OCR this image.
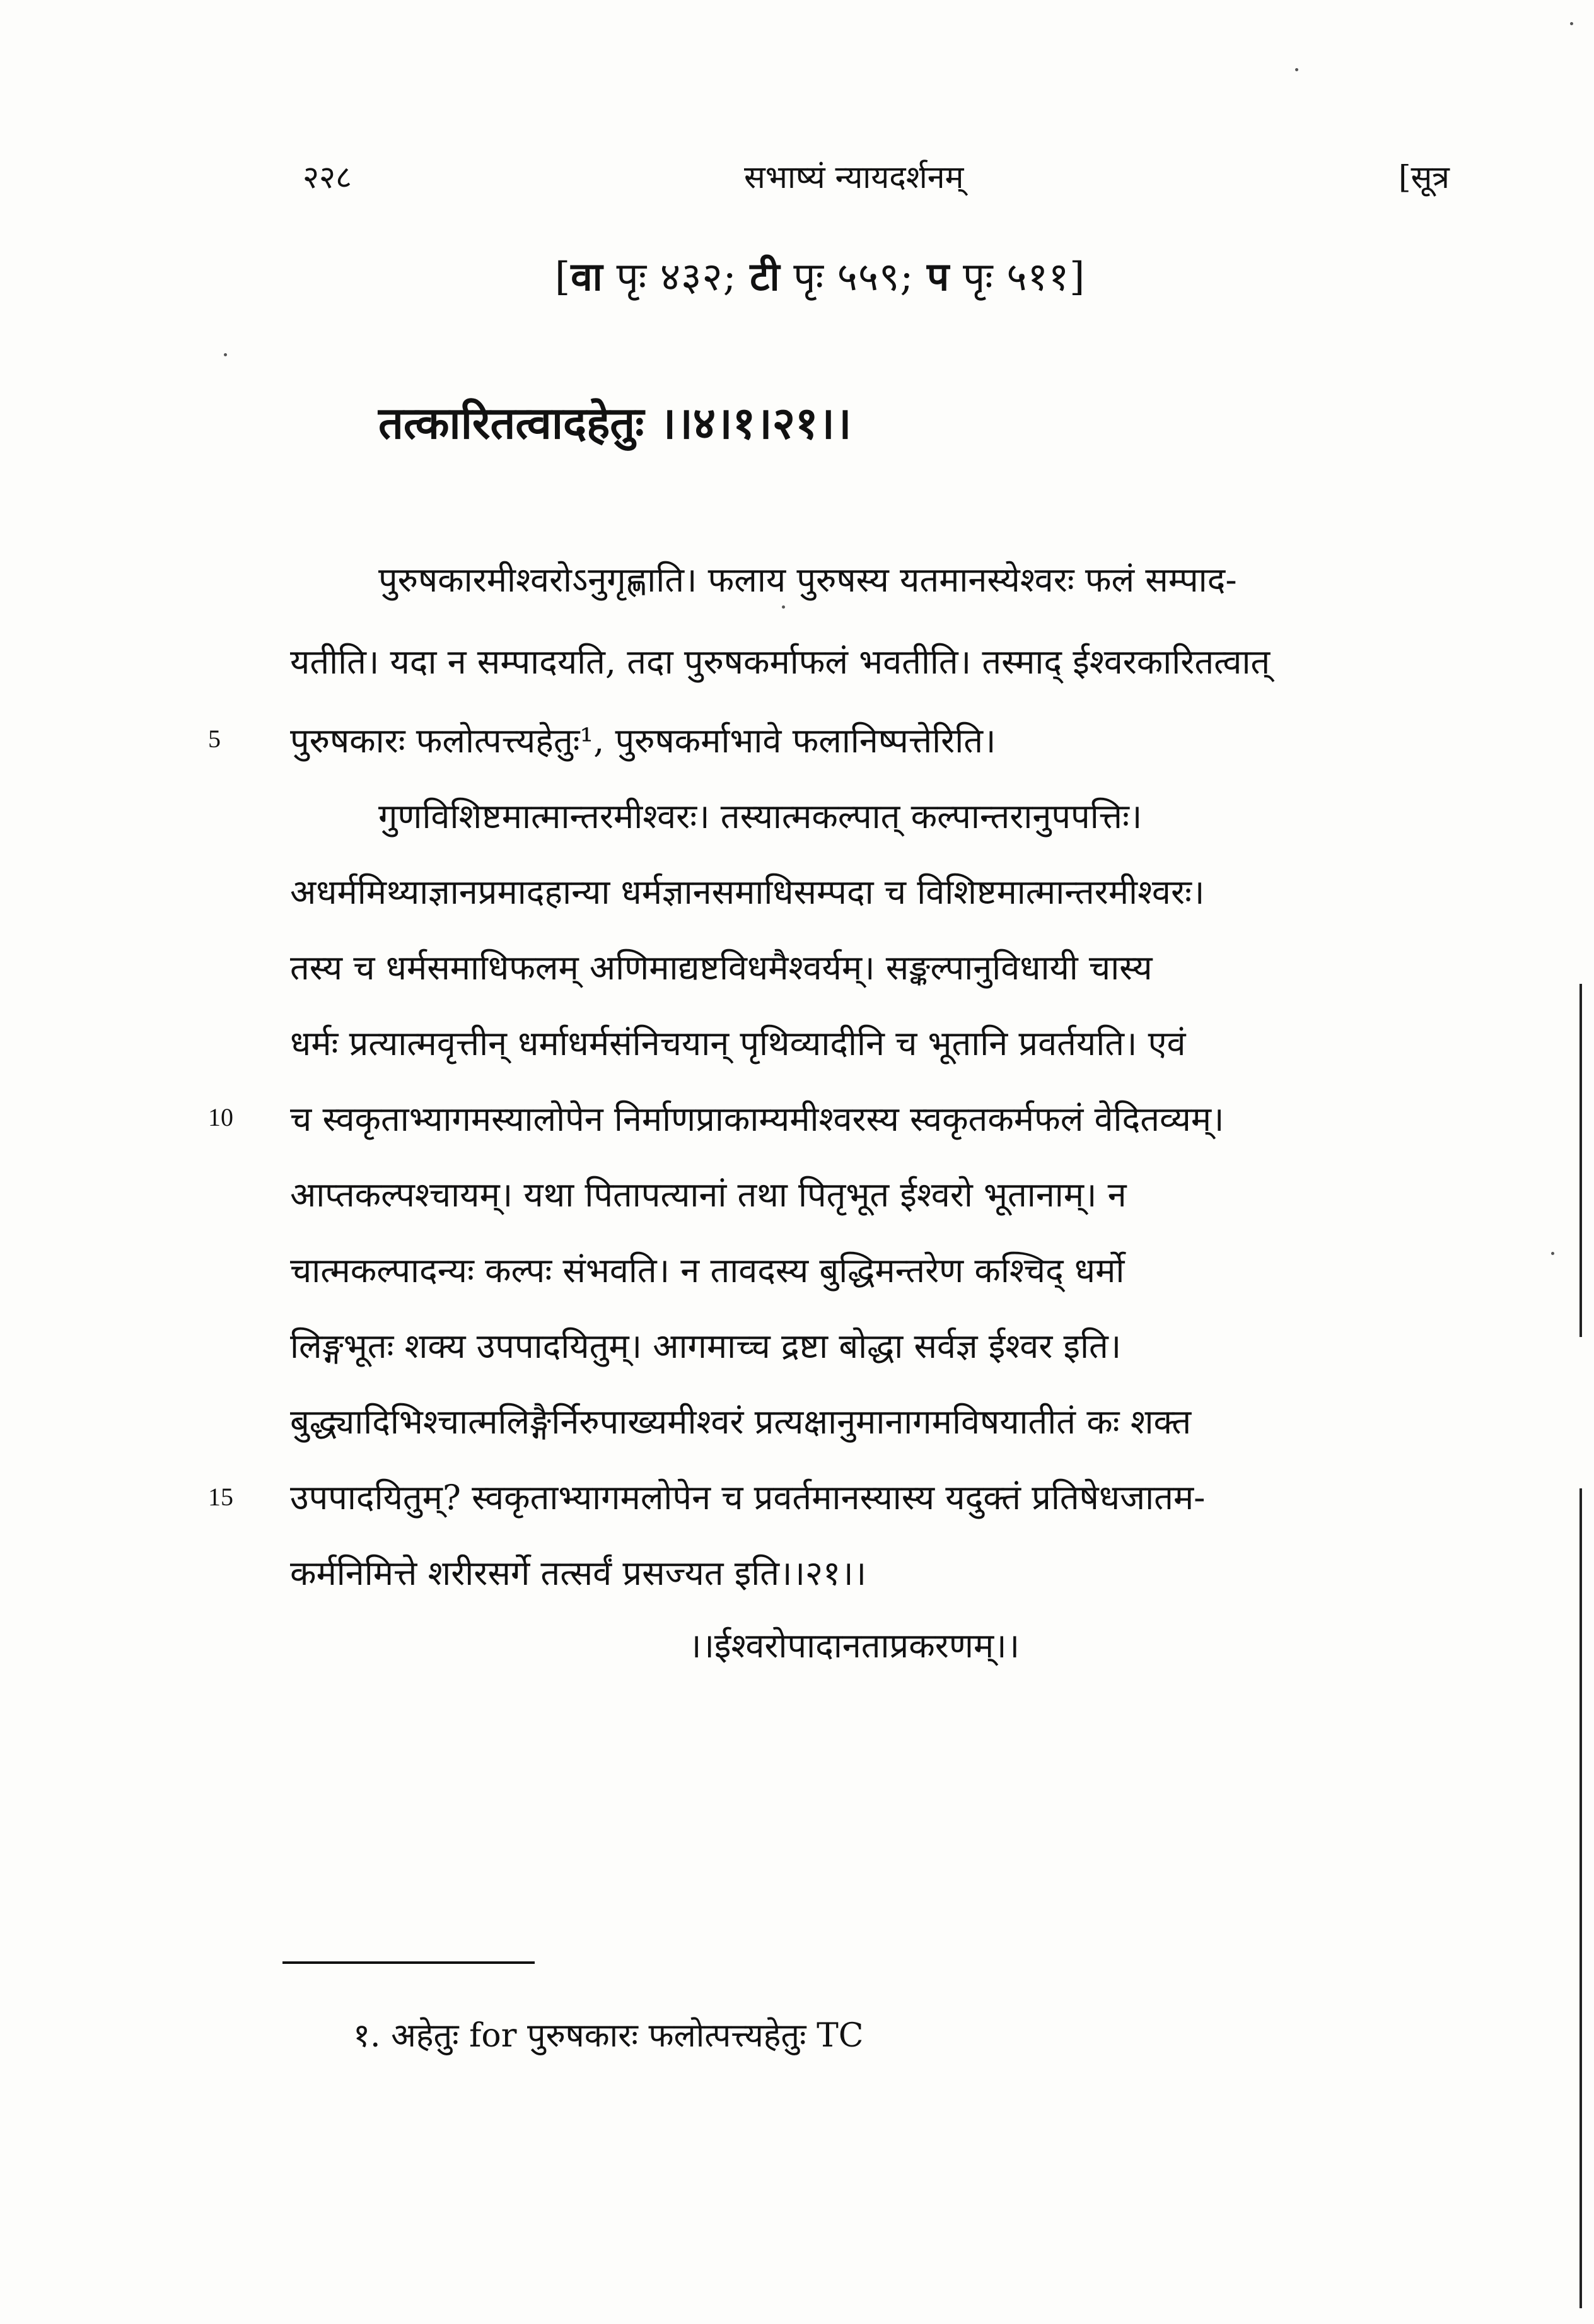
२२८	सभाष्यं न्यायदर्शनम्	[सूत्र
[वा पृः ४३२; टी पृः ५५९; प पृः ५११]
तत्कारितत्वादहेतुः ।।४।१।२१।।
पुरुषकारमीश्वरोऽनुगृह्णाति। फलाय पुरुषस्य यतमानस्येश्वरः फलं सम्पाद-
यतीति। यदा न सम्पादयति, तदा पुरुषकर्माफलं भवतीति। तस्माद् ईश्वरकारितत्वात्
5 पुरुषकारः फलोत्पत्त्यहेतुः¹, पुरुषकर्माभावे फलानिष्पत्तेरिति।
गुणविशिष्टमात्मान्तरमीश्वरः। तस्यात्मकल्पात् कल्पान्तरानुपपत्तिः।
अधर्ममिथ्याज्ञानप्रमादहान्या धर्मज्ञानसमाधिसम्पदा च विशिष्टमात्मान्तरमीश्वरः।
तस्य च धर्मसमाधिफलम् अणिमाद्यष्टविधमैश्वर्यम्। सङ्कल्पानुविधायी चास्य
धर्मः प्रत्यात्मवृत्तीन् धर्माधर्मसंनिचयान् पृथिव्यादीनि च भूतानि प्रवर्तयति। एवं
10 च स्वकृताभ्यागमस्यालोपेन निर्माणप्राकाम्यमीश्वरस्य स्वकृतकर्मफलं वेदितव्यम्।
आप्तकल्पश्चायम्। यथा पितापत्यानां तथा पितृभूत ईश्वरो भूतानाम्। न
चात्मकल्पादन्यः कल्पः संभवति। न तावदस्य बुद्धिमन्तरेण कश्चिद् धर्मो
लिङ्गभूतः शक्य उपपादयितुम्। आगमाच्च द्रष्टा बोद्धा सर्वज्ञ ईश्वर इति।
बुद्ध्यादिभिश्चात्मलिङ्गैर्निरुपाख्यमीश्वरं प्रत्यक्षानुमानागमविषयातीतं कः शक्त
15 उपपादयितुम्? स्वकृताभ्यागमलोपेन च प्रवर्तमानस्यास्य यदुक्तं प्रतिषेधजातम-
कर्मनिमित्ते शरीरसर्गे तत्सर्वं प्रसज्यत इति।।२१।।
।।ईश्वरोपादानताप्रकरणम्।।
१. अहेतुः for पुरुषकारः फलोत्पत्त्यहेतुः TC
